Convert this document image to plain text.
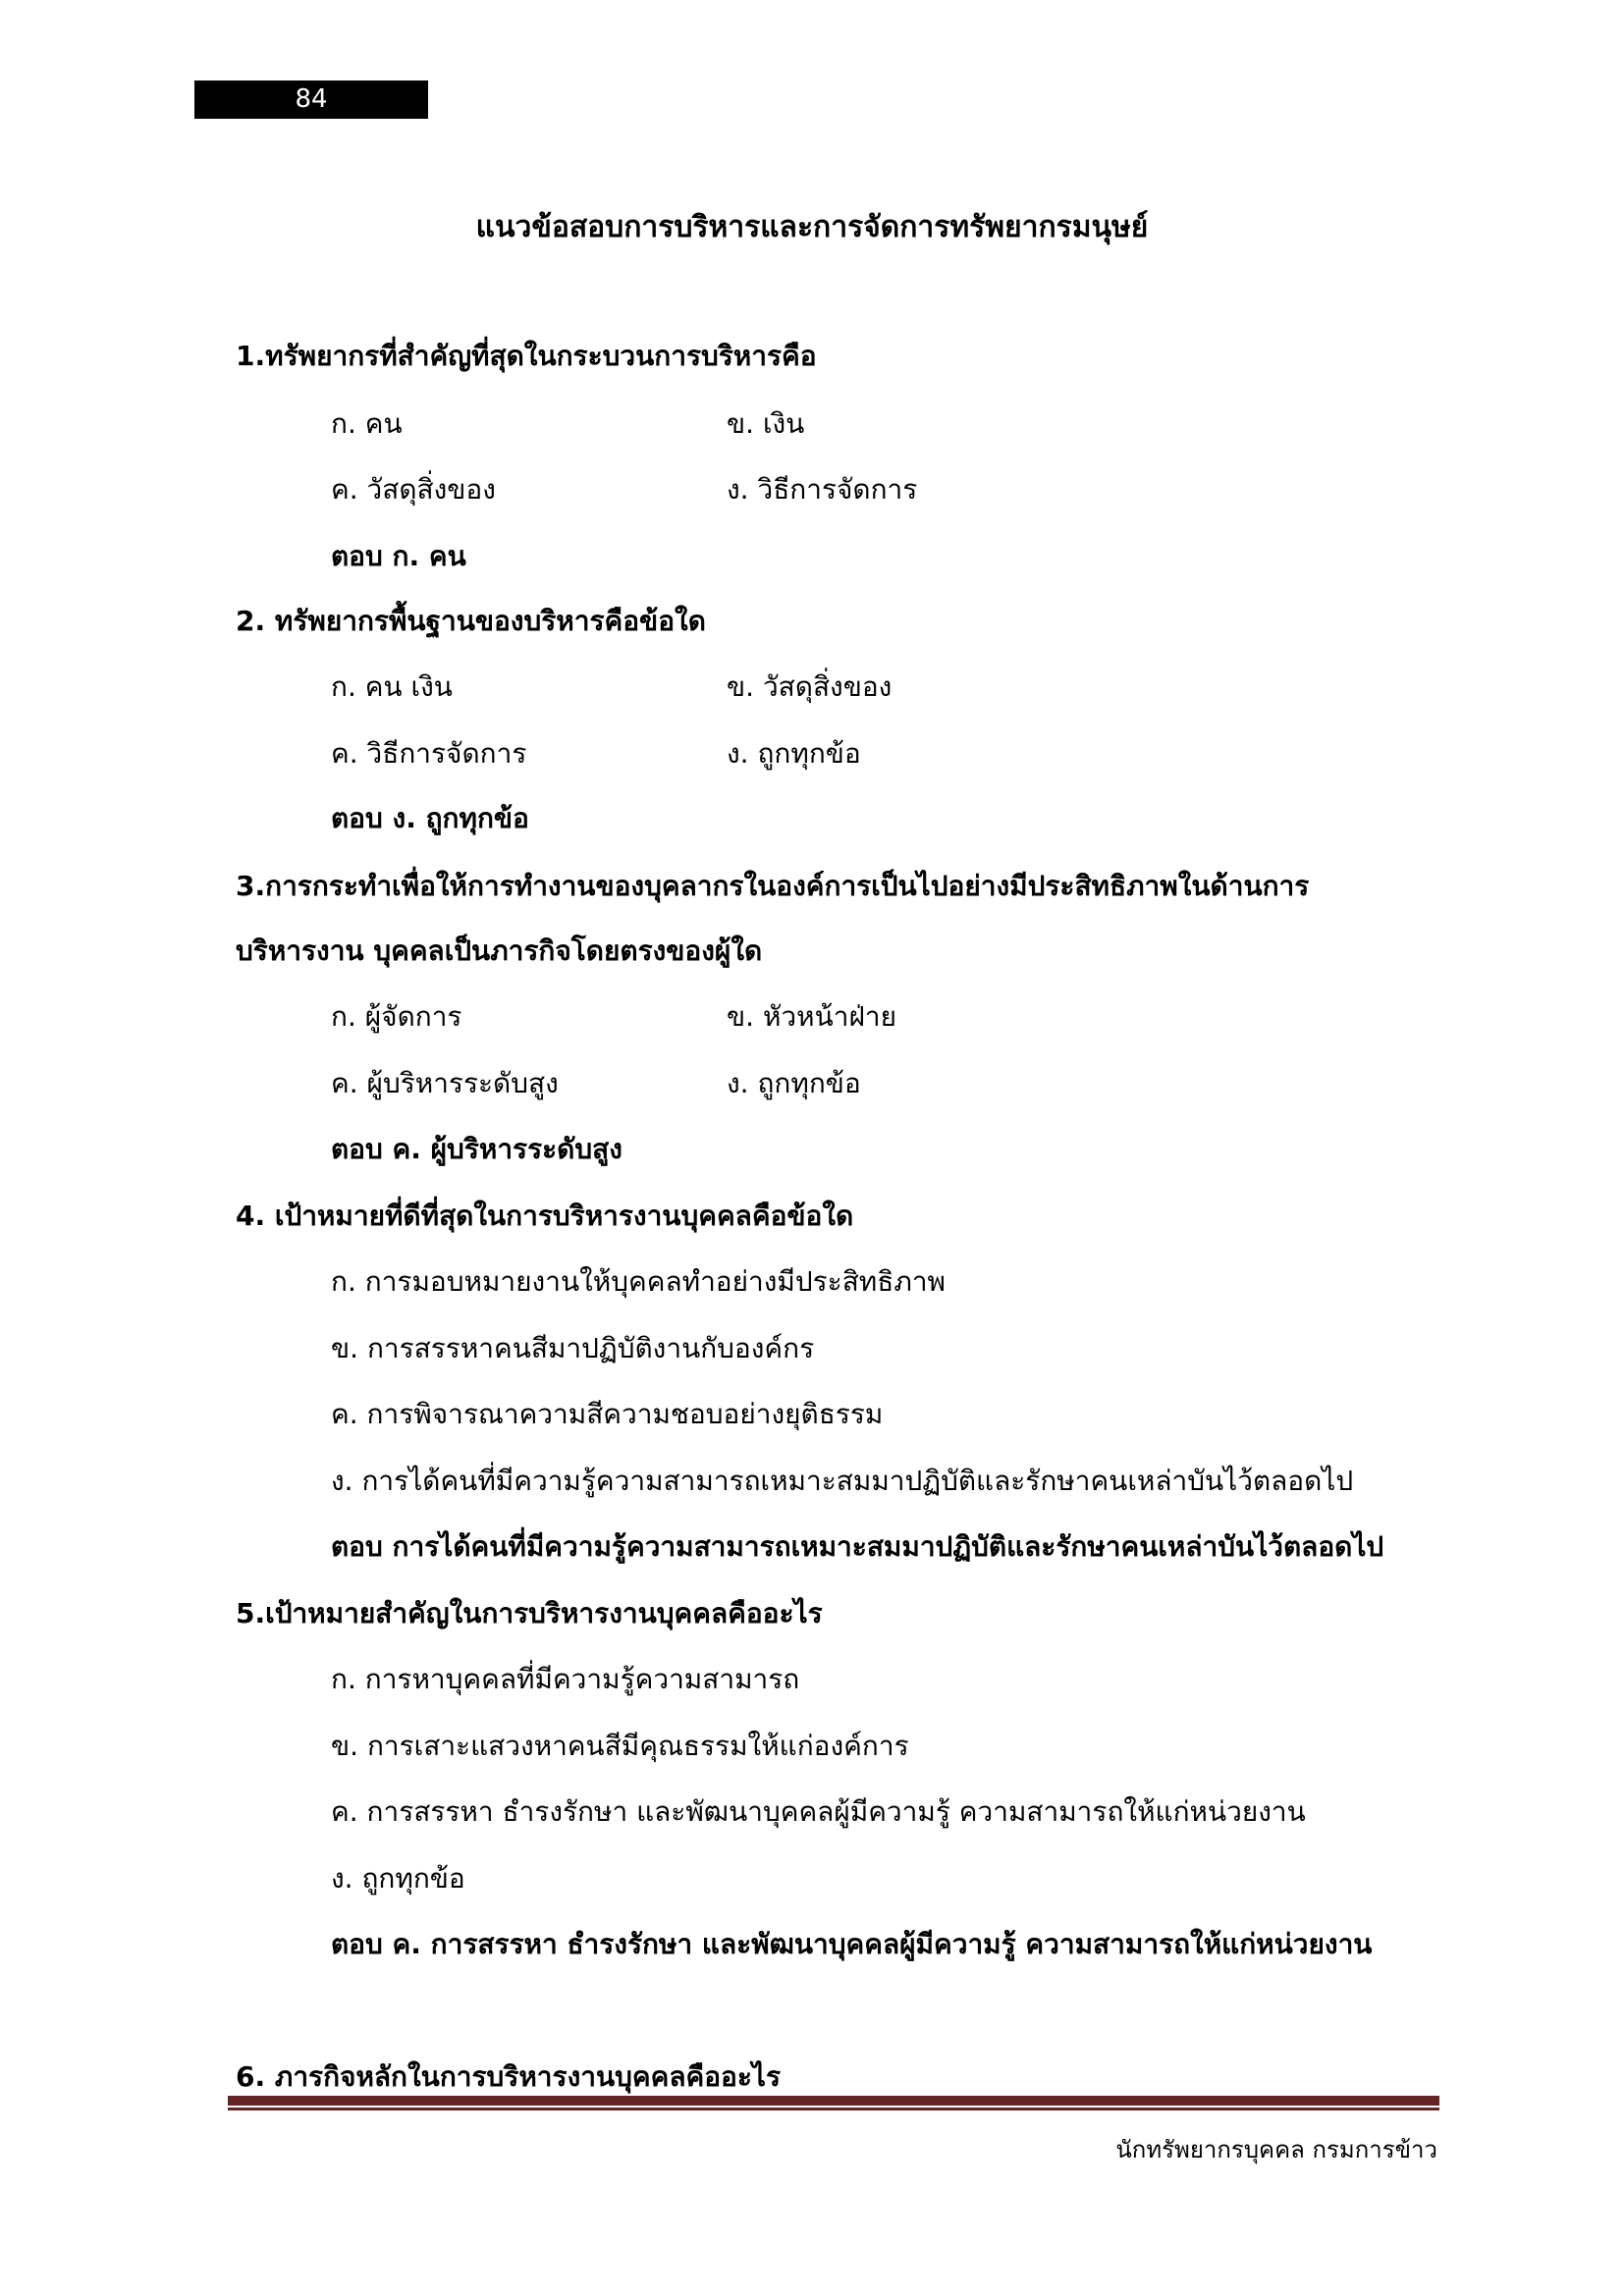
84
แนวข้อสอบการบริหารและการจัดการทรัพยากรมนุษย์
1.ทรัพยากรที่สำคัญที่สุดในกระบวนการบริหารคือ
ก. คน	ข. เงิน
ค. วัสดุสิ่งของ	ง. วิธีการจัดการ
ตอบ ก. คน
2. ทรัพยากรพื้นฐานของบริหารคือข้อใด
ก. คน เงิน	ข. วัสดุสิ่งของ
ค. วิธีการจัดการ	ง. ถูกทุกข้อ
ตอบ ง. ถูกทุกข้อ
3.การกระทำเพื่อให้การทำงานของบุคลากรในองค์การเป็นไปอย่างมีประสิทธิภาพในด้านการ
บริหารงาน บุคคลเป็นภารกิจโดยตรงของผู้ใด
ก. ผู้จัดการ	ข. หัวหน้าฝ่าย
ค. ผู้บริหารระดับสูง	ง. ถูกทุกข้อ
ตอบ ค. ผู้บริหารระดับสูง
4. เป้าหมายที่ดีที่สุดในการบริหารงานบุคคลคือข้อใด
ก. การมอบหมายงานให้บุคคลทำอย่างมีประสิทธิภาพ
ข. การสรรหาคนสีมาปฏิบัติงานกับองค์กร
ค. การพิจารณาความสีความชอบอย่างยุติธรรม
ง. การได้คนที่มีความรู้ความสามารถเหมาะสมมาปฏิบัติและรักษาคนเหล่าบันไว้ตลอดไป
ตอบ การได้คนที่มีความรู้ความสามารถเหมาะสมมาปฏิบัติและรักษาคนเหล่าบันไว้ตลอดไป
5.เป้าหมายสำคัญในการบริหารงานบุคคลคืออะไร
ก. การหาบุคคลที่มีความรู้ความสามารถ
ข. การเสาะแสวงหาคนสีมีคุณธรรมให้แก่องค์การ
ค. การสรรหา ธำรงรักษา และพัฒนาบุคคลผู้มีความรู้ ความสามารถให้แก่หน่วยงาน
ง. ถูกทุกข้อ
ตอบ ค. การสรรหา ธำรงรักษา และพัฒนาบุคคลผู้มีความรู้ ความสามารถให้แก่หน่วยงาน
6. ภารกิจหลักในการบริหารงานบุคคลคืออะไร
นักทรัพยากรบุคคล กรมการข้าว
